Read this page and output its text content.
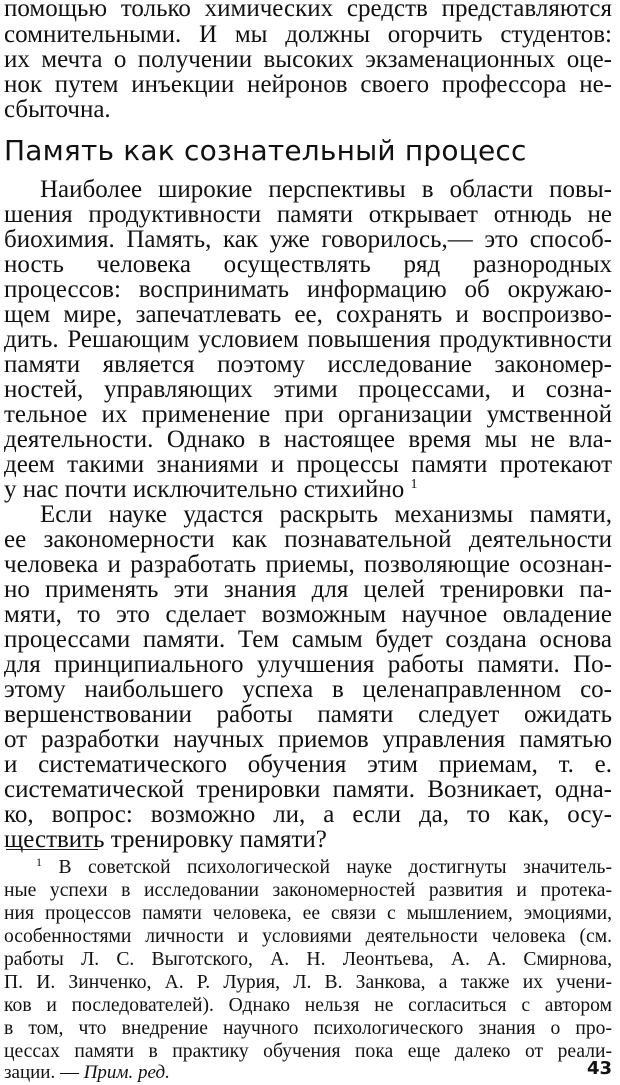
помощью только химических средств представляются
сомнительными. И мы должны огорчить студентов:
их мечта о получении высоких экзаменационных оце-
нок путем инъекции нейронов своего профессора не-
сбыточна.
Память как сознательный процесс
Наиболее широкие перспективы в области повы-
шения продуктивности памяти открывает отнюдь не
биохимия. Память, как уже говорилось,— это способ-
ность человека осуществлять ряд разнородных
процессов: воспринимать информацию об окружаю-
щем мире, запечатлевать ее, сохранять и воспроизво-
дить. Решающим условием повышения продуктивности
памяти является поэтому исследование закономер-
ностей, управляющих этими процессами, и созна-
тельное их применение при организации умственной
деятельности. Однако в настоящее время мы не вла-
деем такими знаниями и процессы памяти протекают
у нас почти исключительно стихийно $^1$
Если науке удастся раскрыть механизмы памяти,
ее закономерности как познавательной деятельности
человека и разработать приемы, позволяющие осознан-
но применять эти знания для целей тренировки па-
мяти, то это сделает возможным научное овладение
процессами памяти. Тем самым будет создана основа
для принципиального улучшения работы памяти. По-
этому наибольшего успеха в целенаправленном со-
вершенствовании работы памяти следует ожидать
от разработки научных приемов управления памятью
и систематического обучения этим приемам, т. е.
систематической тренировки памяти. Возникает, одна-
ко, вопрос: возможно ли, а если да, то как, осу-
ществить тренировку памяти?
$^1$ В советской психологической науке достигнуты значитель-
ные успехи в исследовании закономерностей развития и протека-
ния процессов памяти человека, ее связи с мышлением, эмоциями,
особенностями личности и условиями деятельности человека (см.
работы Л. С. Выготского, А. Н. Леонтьева, А. А. Смирнова,
П. И. Зинченко, А. Р. Лурия, Л. В. Занкова, а также их учени-
ков и последователей). Однако нельзя не согласиться с автором
в том, что внедрение научного психологического знания о про-
цессах памяти в практику обучения пока еще далеко от реали-
зации. — Прим. ред.	43
